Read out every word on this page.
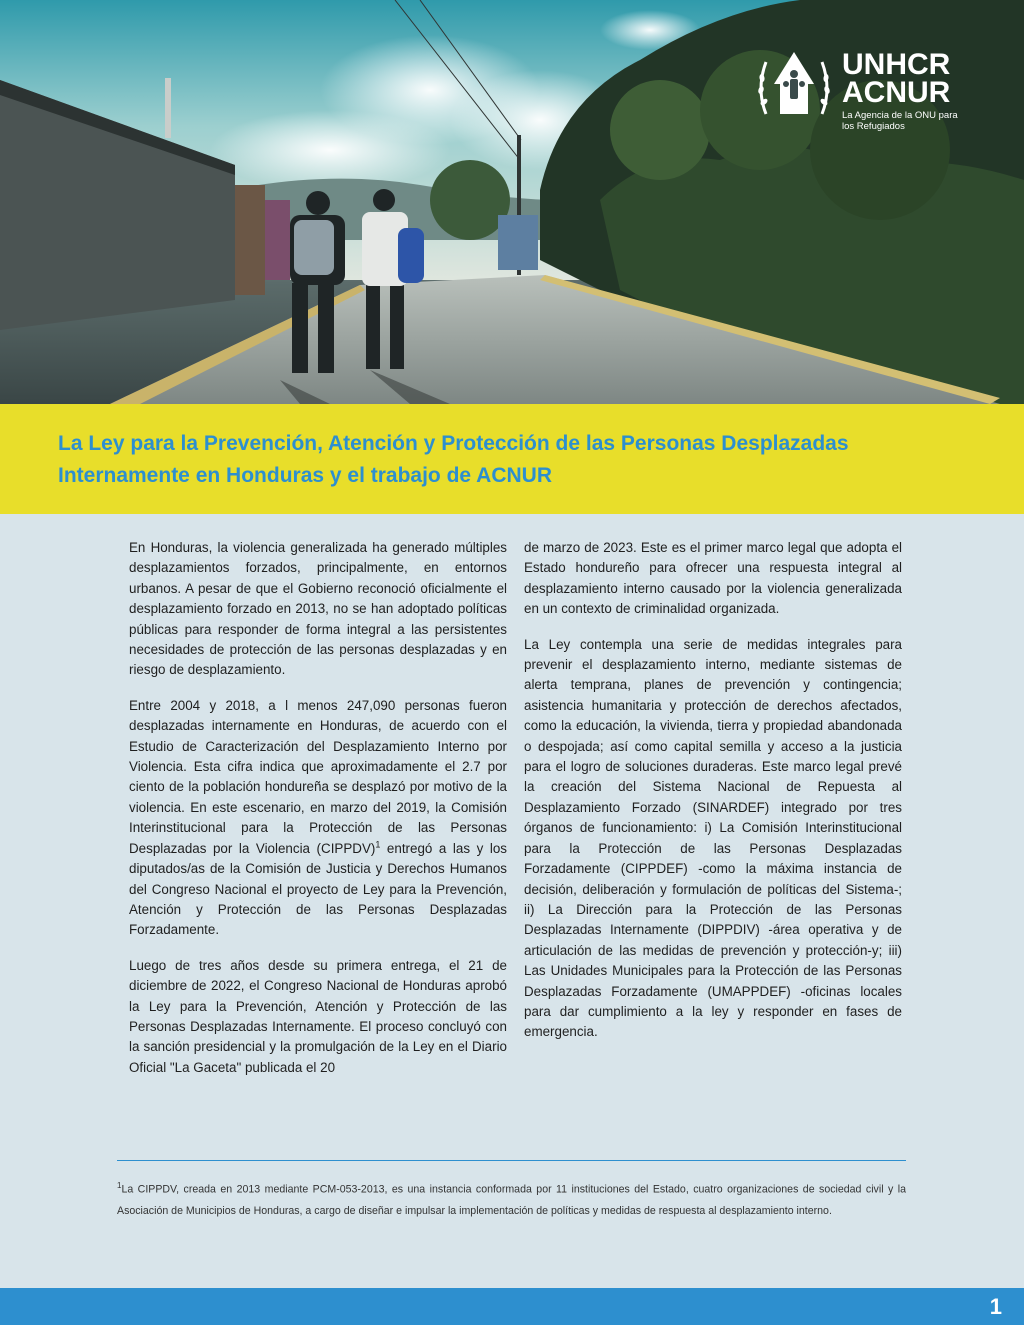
UNHCR
ACNUR
La Agencia de la ONU para los Refugiados
La Ley para la Prevención, Atención y Protección de las Personas Desplazadas Internamente en Honduras y el trabajo de ACNUR

En Honduras, la violencia generalizada ha generado múltiples desplazamientos forzados, principalmente, en entornos urbanos. A pesar de que el Gobierno reconoció oficialmente el desplazamiento forzado en 2013, no se han adoptado políticas públicas para responder de forma integral a las persistentes necesidades de protección de las personas desplazadas y en riesgo de desplazamiento.

Entre 2004 y 2018, a l menos 247,090 personas fueron desplazadas internamente en Honduras, de acuerdo con el Estudio de Caracterización del Desplazamiento Interno por Violencia. Esta cifra indica que aproximadamente el 2.7 por ciento de la población hondureña se desplazó por motivo de la violencia. En este escenario, en marzo del 2019, la Comisión Interinstitucional para la Protección de las Personas Desplazadas por la Violencia (CIPPDV)$^1$ entregó a las y los diputados/as de la Comisión de Justicia y Derechos Humanos del Congreso Nacional el proyecto de Ley para la Prevención, Atención y Protección de las Personas Desplazadas Forzadamente.

Luego de tres años desde su primera entrega, el 21 de diciembre de 2022, el Congreso Nacional de Honduras aprobó la Ley para la Prevención, Atención y Protección de las Personas Desplazadas Internamente. El proceso concluyó con la sanción presidencial y la promulgación de la Ley en el Diario Oficial "La Gaceta" publicada el 20

de marzo de 2023. Este es el primer marco legal que adopta el Estado hondureño para ofrecer una respuesta integral al desplazamiento interno causado por la violencia generalizada en un contexto de criminalidad organizada.

La Ley contempla una serie de medidas integrales para prevenir el desplazamiento interno, mediante sistemas de alerta temprana, planes de prevención y contingencia; asistencia humanitaria y protección de derechos afectados, como la educación, la vivienda, tierra y propiedad abandonada o despojada; así como capital semilla y acceso a la justicia para el logro de soluciones duraderas. Este marco legal prevé la creación del Sistema Nacional de Repuesta al Desplazamiento Forzado (SINARDEF) integrado por tres órganos de funcionamiento: i) La Comisión Interinstitucional para la Protección de las Personas Desplazadas Forzadamente (CIPPDEF) -como la máxima instancia de decisión, deliberación y formulación de políticas del Sistema-; ii) La Dirección para la Protección de las Personas Desplazadas Internamente (DIPPDIV) -área operativa y de articulación de las medidas de prevención y protección-y; iii) Las Unidades Municipales para la Protección de las Personas Desplazadas Forzadamente (UMAPPDEF) -oficinas locales para dar cumplimiento a la ley y responder en fases de emergencia.

$^1$La CIPPDV, creada en 2013 mediante PCM-053-2013, es una instancia conformada por 11 instituciones del Estado, cuatro organizaciones de sociedad civil y la Asociación de Municipios de Honduras, a cargo de diseñar e impulsar la implementación de políticas y medidas de respuesta al desplazamiento interno.
1
